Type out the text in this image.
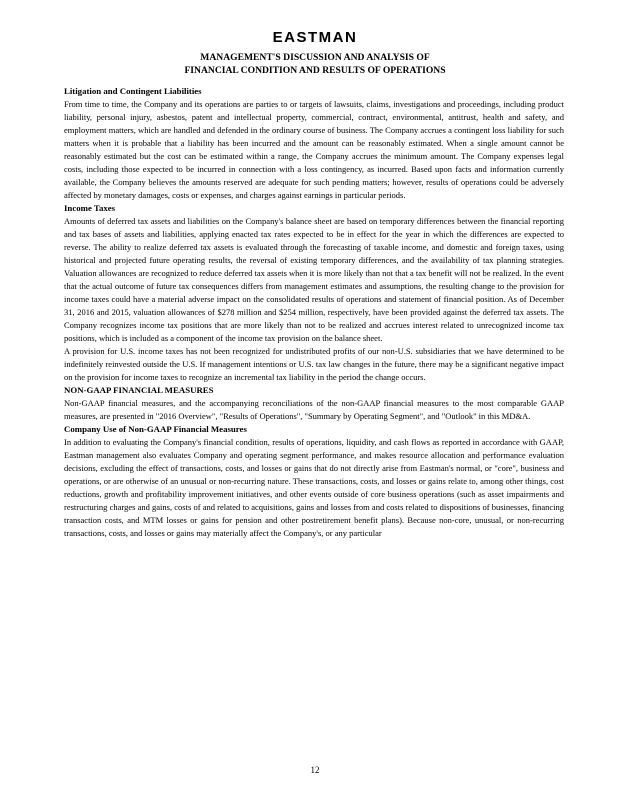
EASTMAN
MANAGEMENT'S DISCUSSION AND ANALYSIS OF
FINANCIAL CONDITION AND RESULTS OF OPERATIONS
Litigation and Contingent Liabilities

From time to time, the Company and its operations are parties to or targets of lawsuits, claims, investigations and proceedings, including product liability, personal injury, asbestos, patent and intellectual property, commercial, contract, environmental, antitrust, health and safety, and employment matters, which are handled and defended in the ordinary course of business. The Company accrues a contingent loss liability for such matters when it is probable that a liability has been incurred and the amount can be reasonably estimated. When a single amount cannot be reasonably estimated but the cost can be estimated within a range, the Company accrues the minimum amount. The Company expenses legal costs, including those expected to be incurred in connection with a loss contingency, as incurred. Based upon facts and information currently available, the Company believes the amounts reserved are adequate for such pending matters; however, results of operations could be adversely affected by monetary damages, costs or expenses, and charges against earnings in particular periods.

Income Taxes

Amounts of deferred tax assets and liabilities on the Company's balance sheet are based on temporary differences between the financial reporting and tax bases of assets and liabilities, applying enacted tax rates expected to be in effect for the year in which the differences are expected to reverse. The ability to realize deferred tax assets is evaluated through the forecasting of taxable income, and domestic and foreign taxes, using historical and projected future operating results, the reversal of existing temporary differences, and the availability of tax planning strategies. Valuation allowances are recognized to reduce deferred tax assets when it is more likely than not that a tax benefit will not be realized. In the event that the actual outcome of future tax consequences differs from management estimates and assumptions, the resulting change to the provision for income taxes could have a material adverse impact on the consolidated results of operations and statement of financial position. As of December 31, 2016 and 2015, valuation allowances of $278 million and $254 million, respectively, have been provided against the deferred tax assets. The Company recognizes income tax positions that are more likely than not to be realized and accrues interest related to unrecognized income tax positions, which is included as a component of the income tax provision on the balance sheet.

A provision for U.S. income taxes has not been recognized for undistributed profits of our non-U.S. subsidiaries that we have determined to be indefinitely reinvested outside the U.S. If management intentions or U.S. tax law changes in the future, there may be a significant negative impact on the provision for income taxes to recognize an incremental tax liability in the period the change occurs.

NON-GAAP FINANCIAL MEASURES

Non-GAAP financial measures, and the accompanying reconciliations of the non-GAAP financial measures to the most comparable GAAP measures, are presented in "2016 Overview", "Results of Operations", "Summary by Operating Segment", and "Outlook" in this MD&A.

Company Use of Non-GAAP Financial Measures

In addition to evaluating the Company's financial condition, results of operations, liquidity, and cash flows as reported in accordance with GAAP, Eastman management also evaluates Company and operating segment performance, and makes resource allocation and performance evaluation decisions, excluding the effect of transactions, costs, and losses or gains that do not directly arise from Eastman's normal, or "core", business and operations, or are otherwise of an unusual or non-recurring nature. These transactions, costs, and losses or gains relate to, among other things, cost reductions, growth and profitability improvement initiatives, and other events outside of core business operations (such as asset impairments and restructuring charges and gains, costs of and related to acquisitions, gains and losses from and costs related to dispositions of businesses, financing transaction costs, and MTM losses or gains for pension and other postretirement benefit plans). Because non-core, unusual, or non-recurring transactions, costs, and losses or gains may materially affect the Company's, or any particular

12
